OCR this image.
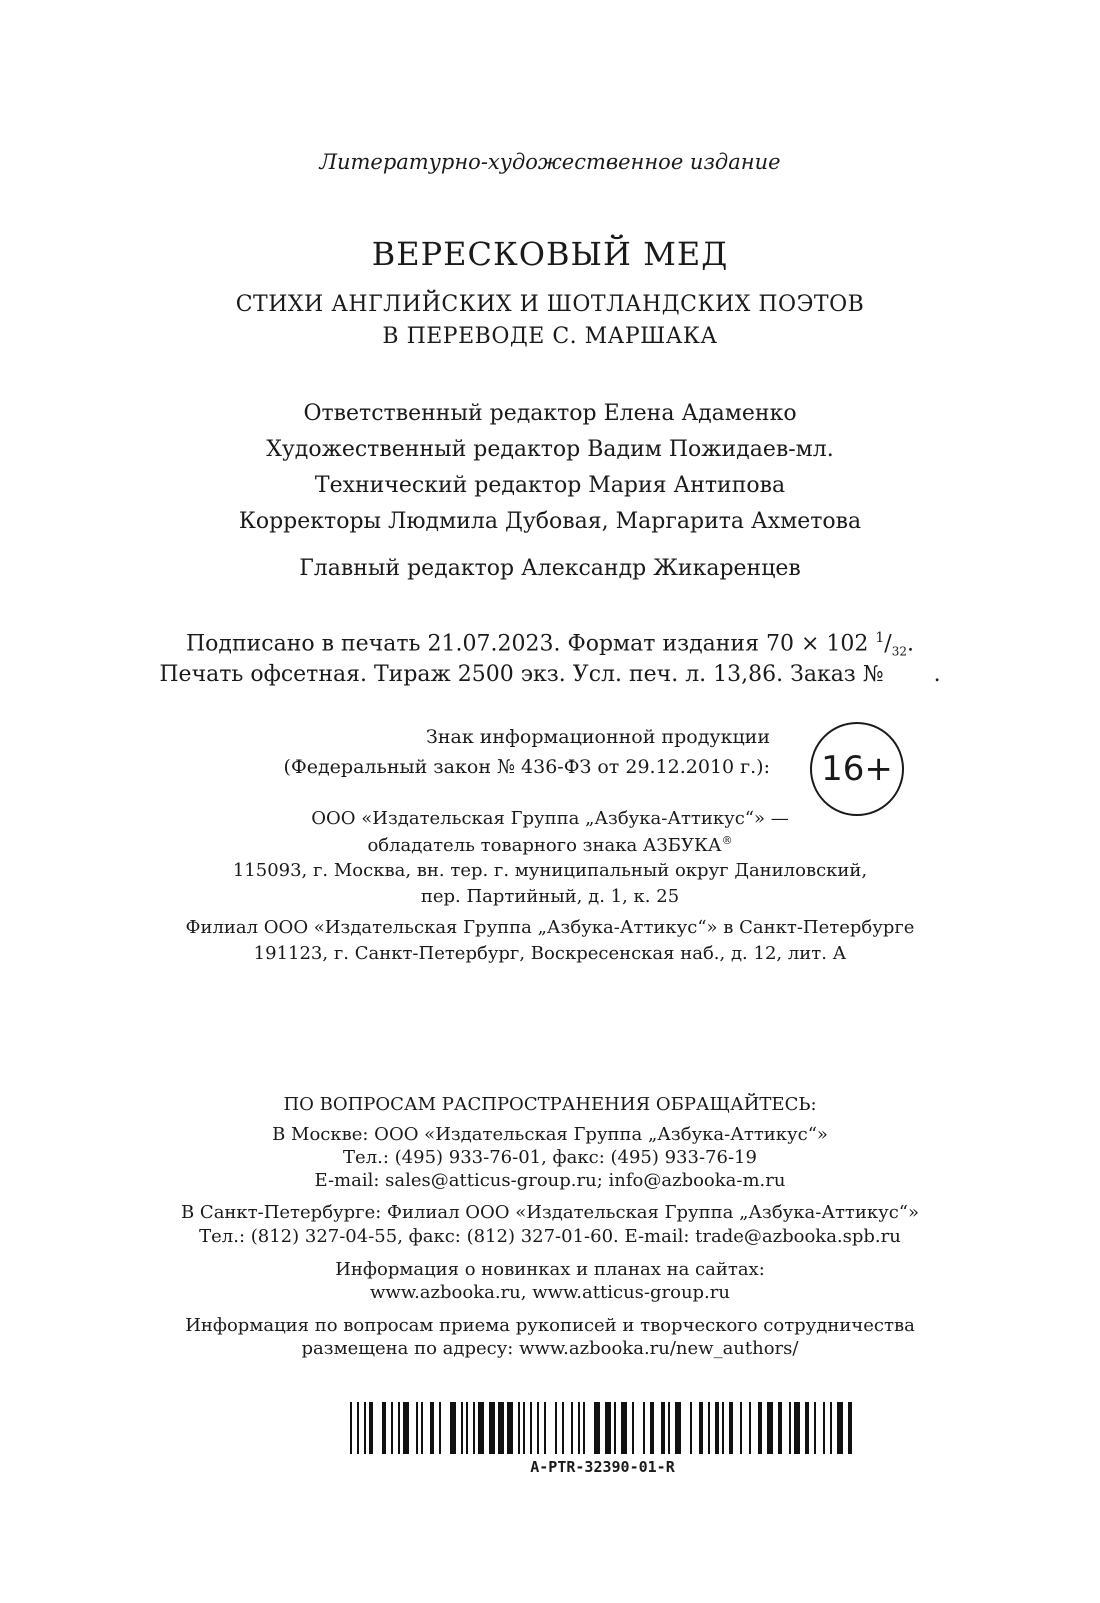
Литературно-художественное издание
ВЕРЕСКОВЫЙ МЕД
СТИХИ АНГЛИЙСКИХ И ШОТЛАНДСКИХ ПОЭТОВ
В ПЕРЕВОДЕ С. МАРШАКА
Ответственный редактор Елена Адаменко
Художественный редактор Вадим Пожидаев-мл.
Технический редактор Мария Антипова
Корректоры Людмила Дубовая, Маргарита Ахметова
Главный редактор Александр Жикаренцев
Подписано в печать 21.07.2023. Формат издания 70 × 102 $^1/_{32}$.
Печать офсетная. Тираж 2500 экз. Усл. печ. л. 13,86. Заказ № .
Знак информационной продукции
(Федеральный закон № 436-ФЗ от 29.12.2010 г.):	16+
ООО «Издательская Группа „Азбука-Аттикус“» —
обладатель товарного знака АЗБУКА®
115093, г. Москва, вн. тер. г. муниципальный округ Даниловский,
пер. Партийный, д. 1, к. 25
Филиал ООО «Издательская Группа „Азбука-Аттикус“» в Санкт-Петербурге
191123, г. Санкт-Петербург, Воскресенская наб., д. 12, лит. А
ПО ВОПРОСАМ РАСПРОСТРАНЕНИЯ ОБРАЩАЙТЕСЬ:
В Москве: ООО «Издательская Группа „Азбука-Аттикус“»
Тел.: (495) 933-76-01, факс: (495) 933-76-19
E-mail: sales@atticus-group.ru; info@azbooka-m.ru
В Санкт-Петербурге: Филиал ООО «Издательская Группа „Азбука-Аттикус“»
Тел.: (812) 327-04-55, факс: (812) 327-01-60. E-mail: trade@azbooka.spb.ru
Информация о новинках и планах на сайтах:
www.azbooka.ru, www.atticus-group.ru
Информация по вопросам приема рукописей и творческого сотрудничества
размещена по адресу: www.azbooka.ru/new_authors/
A-PTR-32390-01-R
